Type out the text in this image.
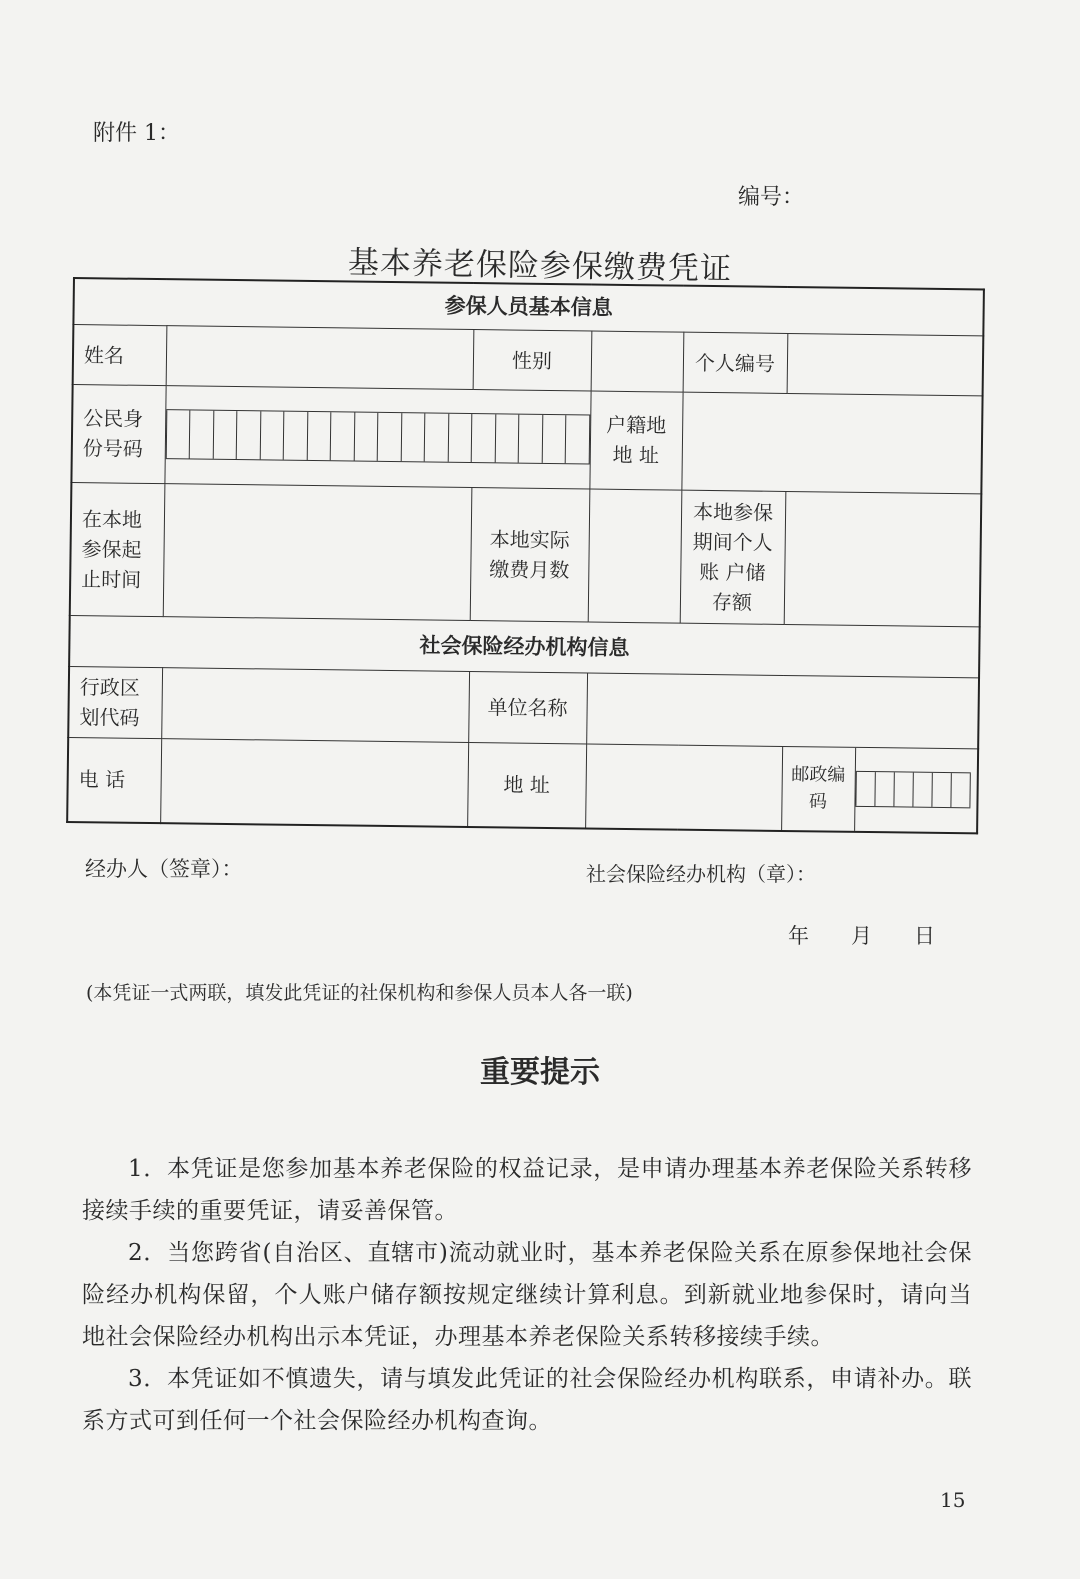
附件 1：
编号：
基本养老保险参保缴费凭证
参保人员基本信息					
姓名		性别		个人编号	
公民身份号码			户籍地地 址		
在本地参保起止时间		本地实际缴费月数		本地参保期间个人账 户储存额	
社会保险经办机构信息					
行政区划代码		单位名称			
电 话		地 址			邮政编码
经办人（签章）：	社会保险经办机构（章）：
年 月 日
(本凭证一式两联，填发此凭证的社保机构和参保人员本人各一联)
重要提示

1．本凭证是您参加基本养老保险的权益记录，是申请办理基本养老保险关系转移接续手续的重要凭证，请妥善保管。

2．当您跨省(自治区、直辖市)流动就业时，基本养老保险关系在原参保地社会保险经办机构保留，个人账户储存额按规定继续计算利息。到新就业地参保时，请向当地社会保险经办机构出示本凭证，办理基本养老保险关系转移接续手续。

3．本凭证如不慎遗失，请与填发此凭证的社会保险经办机构联系，申请补办。联系方式可到任何一个社会保险经办机构查询。

15
